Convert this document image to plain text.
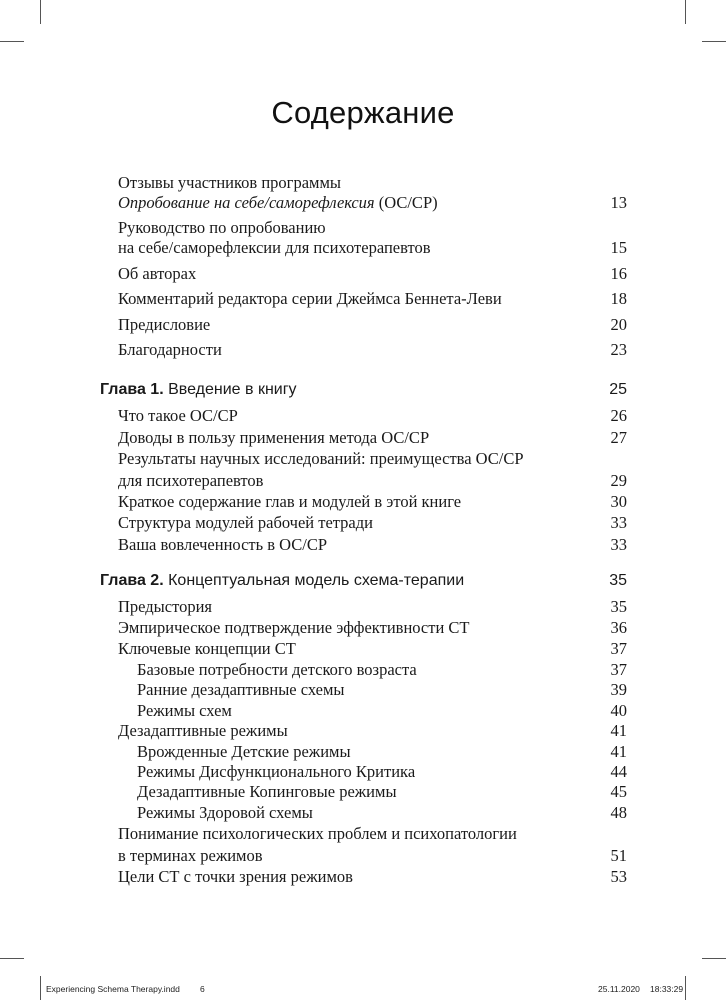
Содержание
Отзывы участников программы
Опробование на себе/саморефлексия (ОС/СР)	13
Руководство по опробованию
на себе/саморефлексии для психотерапевтов	15
Об авторах	16
Комментарий редактора серии Джеймса Беннета-Леви	18
Предисловие	20
Благодарности	23
Глава 1. Введение в книгу	25
Что такое ОС/СР	26
Доводы в пользу применения метода ОС/СР	27
Результаты научных исследований: преимущества ОС/СР
для психотерапевтов	29
Краткое содержание глав и модулей в этой книге	30
Структура модулей рабочей тетради	33
Ваша вовлеченность в ОС/СР	33
Глава 2. Концептуальная модель схема-терапии	35
Предыстория	35
Эмпирическое подтверждение эффективности СТ	36
Ключевые концепции СТ	37
Базовые потребности детского возраста	37
Ранние дезадаптивные схемы	39
Режимы схем	40
Дезадаптивные режимы	41
Врожденные Детские режимы	41
Режимы Дисфункционального Критика	44
Дезадаптивные Копинговые режимы	45
Режимы Здоровой схемы	48
Понимание психологических проблем и психопатологии
в терминах режимов	51
Цели СТ с точки зрения режимов	53
Experiencing Schema Therapy.indd 6	25.11.2020 18:33:29
